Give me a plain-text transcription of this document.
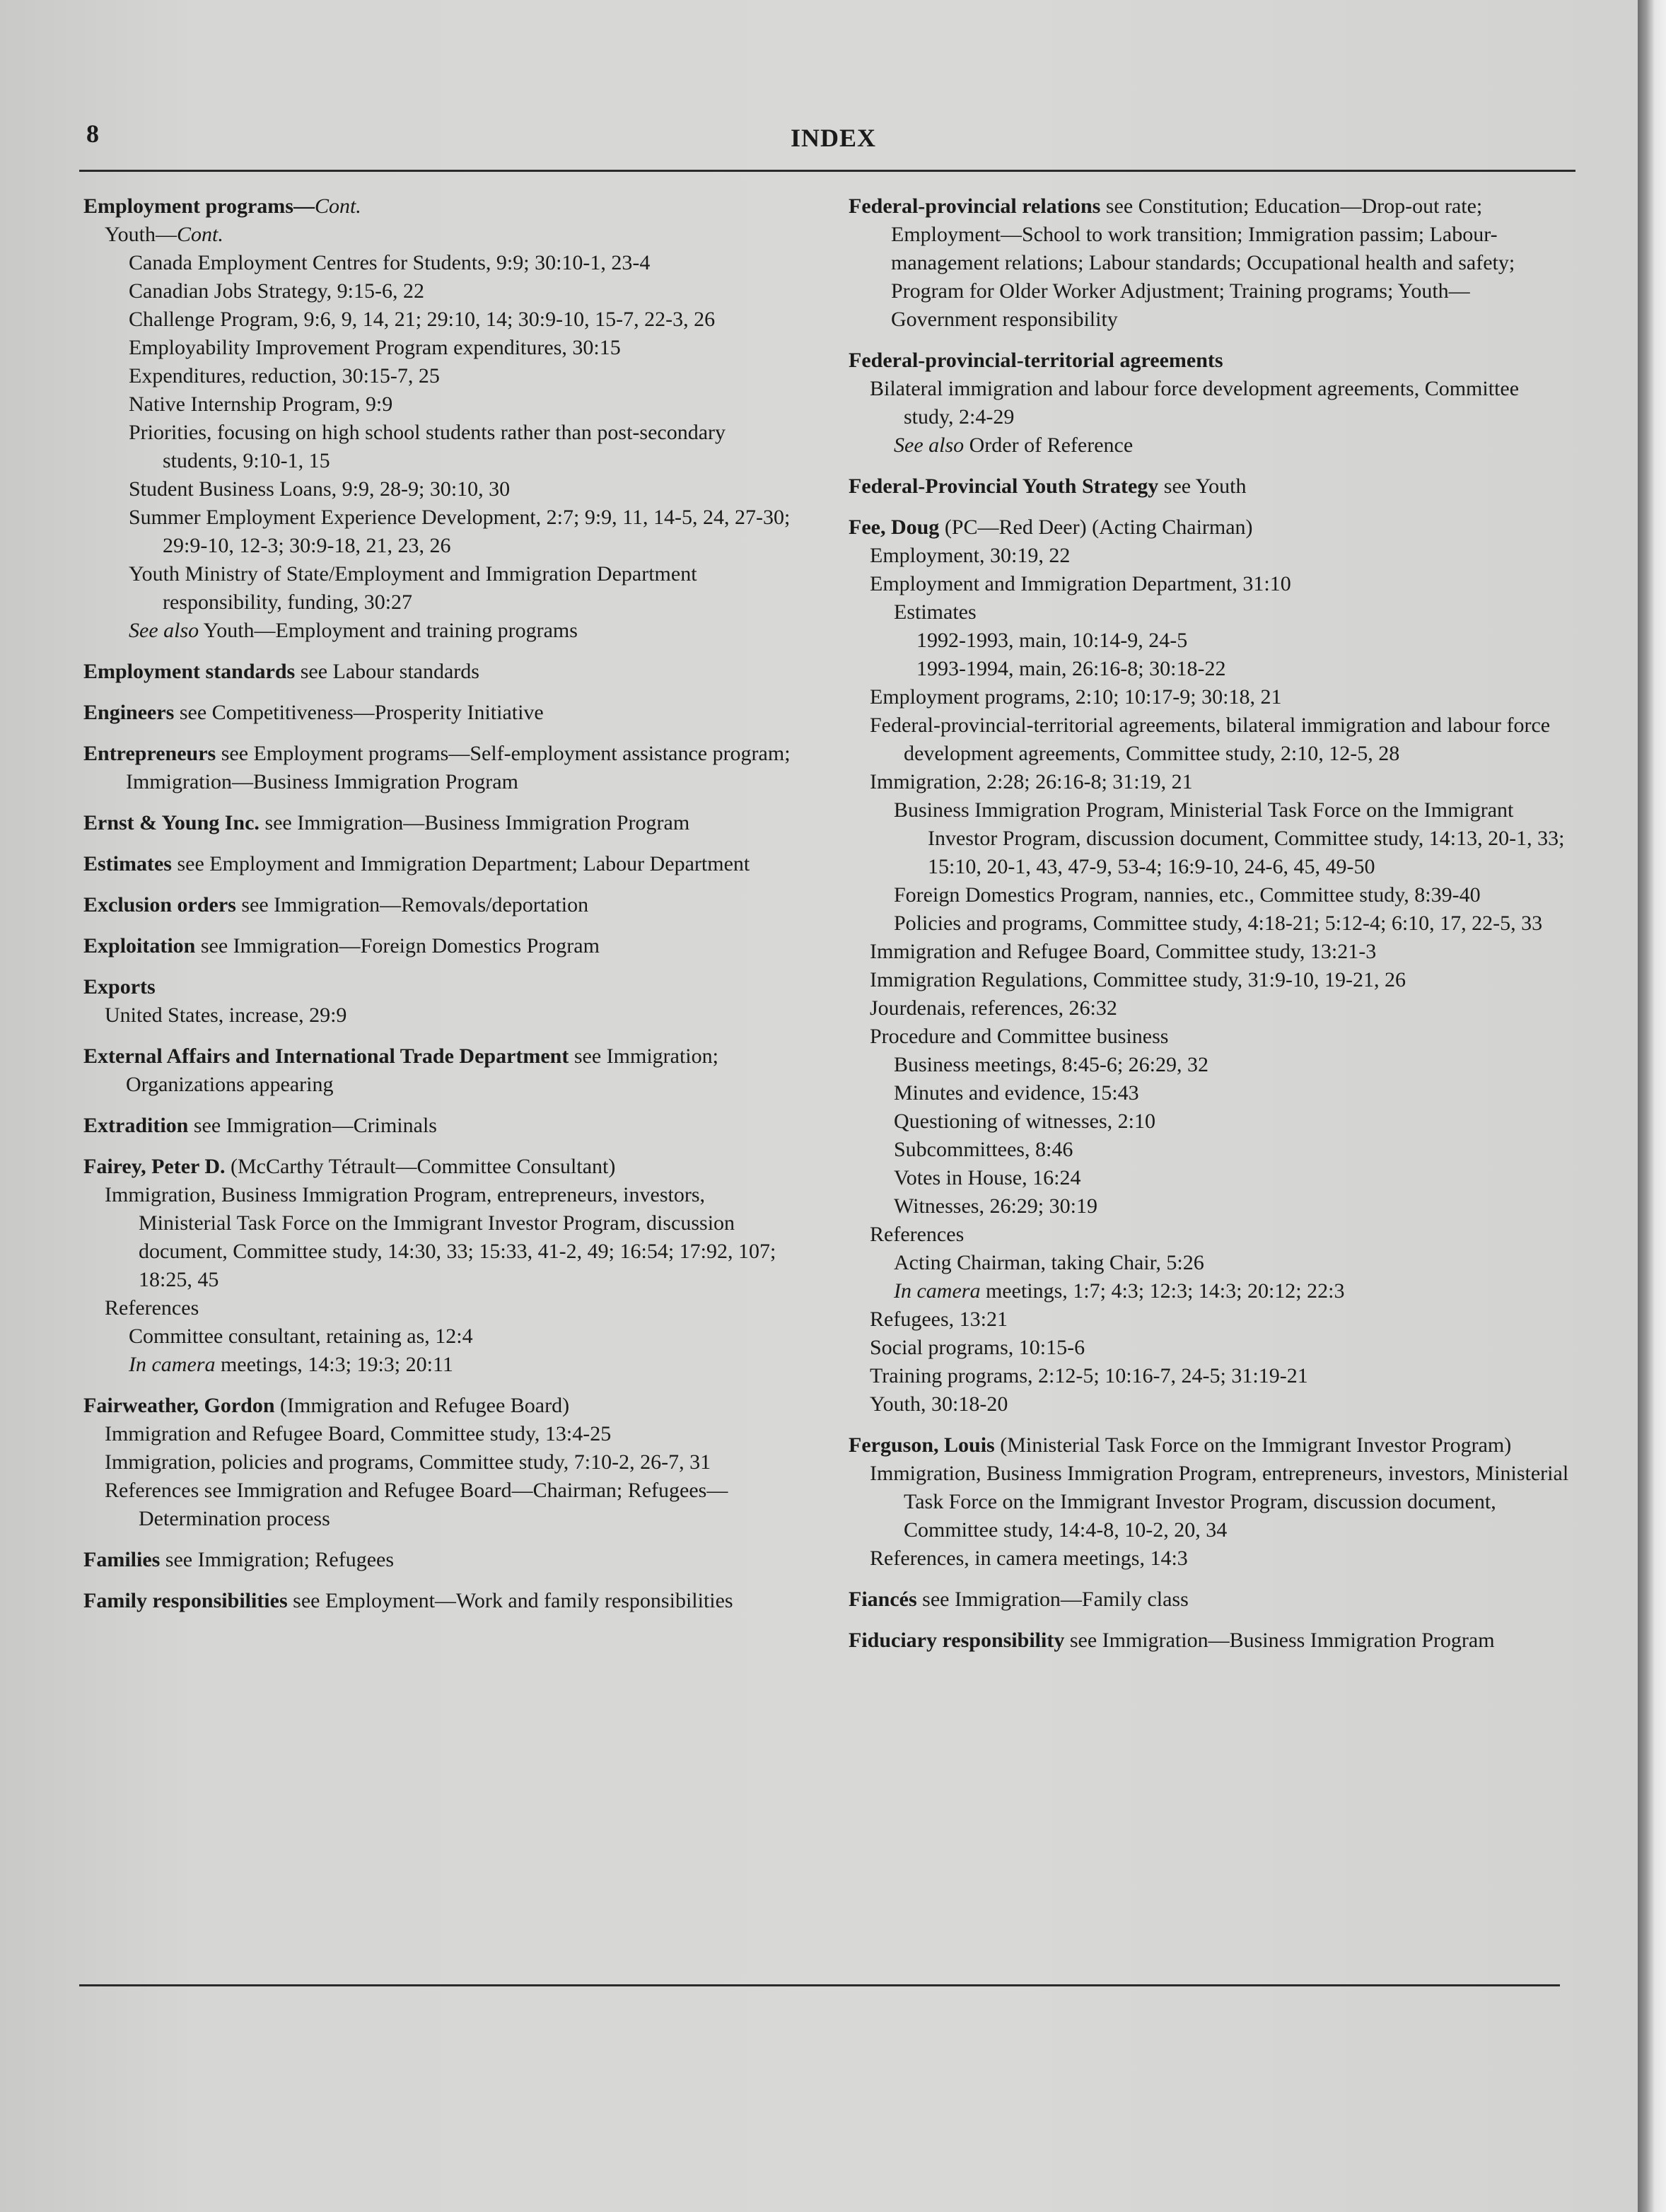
8	INDEX
Employment programs—Cont.
Youth—Cont.
Canada Employment Centres for Students, 9:9; 30:10-1, 23-4
Canadian Jobs Strategy, 9:15-6, 22
Challenge Program, 9:6, 9, 14, 21; 29:10, 14; 30:9-10, 15-7, 22-3, 26
Employability Improvement Program expenditures, 30:15
Expenditures, reduction, 30:15-7, 25
Native Internship Program, 9:9
Priorities, focusing on high school students rather than post-secondary students, 9:10-1, 15
Student Business Loans, 9:9, 28-9; 30:10, 30
Summer Employment Experience Development, 2:7; 9:9, 11, 14-5, 24, 27-30; 29:9-10, 12-3; 30:9-18, 21, 23, 26
Youth Ministry of State/Employment and Immigration Department responsibility, funding, 30:27
See also Youth—Employment and training programs
Employment standards see Labour standards
Engineers see Competitiveness—Prosperity Initiative
Entrepreneurs see Employment programs—Self-employment assistance program; Immigration—Business Immigration Program
Ernst & Young Inc. see Immigration—Business Immigration Program
Estimates see Employment and Immigration Department; Labour Department
Exclusion orders see Immigration—Removals/deportation
Exploitation see Immigration—Foreign Domestics Program
Exports
United States, increase, 29:9
External Affairs and International Trade Department see Immigration; Organizations appearing
Extradition see Immigration—Criminals
Fairey, Peter D. (McCarthy Tétrault—Committee Consultant)
Immigration, Business Immigration Program, entrepreneurs, investors, Ministerial Task Force on the Immigrant Investor Program, discussion document, Committee study, 14:30, 33; 15:33, 41-2, 49; 16:54; 17:92, 107; 18:25, 45
References
Committee consultant, retaining as, 12:4
In camera meetings, 14:3; 19:3; 20:11
Fairweather, Gordon (Immigration and Refugee Board)
Immigration and Refugee Board, Committee study, 13:4-25
Immigration, policies and programs, Committee study, 7:10-2, 26-7, 31
References see Immigration and Refugee Board—Chairman; Refugees—Determination process
Families see Immigration; Refugees
Family responsibilities see Employment—Work and family responsibilities
Federal-provincial relations see Constitution; Education—Drop-out rate; Employment—School to work transition; Immigration passim; Labour-management relations; Labour standards; Occupational health and safety; Program for Older Worker Adjustment; Training programs; Youth—Government responsibility
Federal-provincial-territorial agreements
Bilateral immigration and labour force development agreements, Committee study, 2:4-29
See also Order of Reference
Federal-Provincial Youth Strategy see Youth
Fee, Doug (PC—Red Deer) (Acting Chairman)
Employment, 30:19, 22
Employment and Immigration Department, 31:10
Estimates
1992-1993, main, 10:14-9, 24-5
1993-1994, main, 26:16-8; 30:18-22
Employment programs, 2:10; 10:17-9; 30:18, 21
Federal-provincial-territorial agreements, bilateral immigration and labour force development agreements, Committee study, 2:10, 12-5, 28
Immigration, 2:28; 26:16-8; 31:19, 21
Business Immigration Program, Ministerial Task Force on the Immigrant Investor Program, discussion document, Committee study, 14:13, 20-1, 33; 15:10, 20-1, 43, 47-9, 53-4; 16:9-10, 24-6, 45, 49-50
Foreign Domestics Program, nannies, etc., Committee study, 8:39-40
Policies and programs, Committee study, 4:18-21; 5:12-4; 6:10, 17, 22-5, 33
Immigration and Refugee Board, Committee study, 13:21-3
Immigration Regulations, Committee study, 31:9-10, 19-21, 26
Jourdenais, references, 26:32
Procedure and Committee business
Business meetings, 8:45-6; 26:29, 32
Minutes and evidence, 15:43
Questioning of witnesses, 2:10
Subcommittees, 8:46
Votes in House, 16:24
Witnesses, 26:29; 30:19
References
Acting Chairman, taking Chair, 5:26
In camera meetings, 1:7; 4:3; 12:3; 14:3; 20:12; 22:3
Refugees, 13:21
Social programs, 10:15-6
Training programs, 2:12-5; 10:16-7, 24-5; 31:19-21
Youth, 30:18-20
Ferguson, Louis (Ministerial Task Force on the Immigrant Investor Program)
Immigration, Business Immigration Program, entrepreneurs, investors, Ministerial Task Force on the Immigrant Investor Program, discussion document, Committee study, 14:4-8, 10-2, 20, 34
References, in camera meetings, 14:3
Fiancés see Immigration—Family class
Fiduciary responsibility see Immigration—Business Immigration Program
